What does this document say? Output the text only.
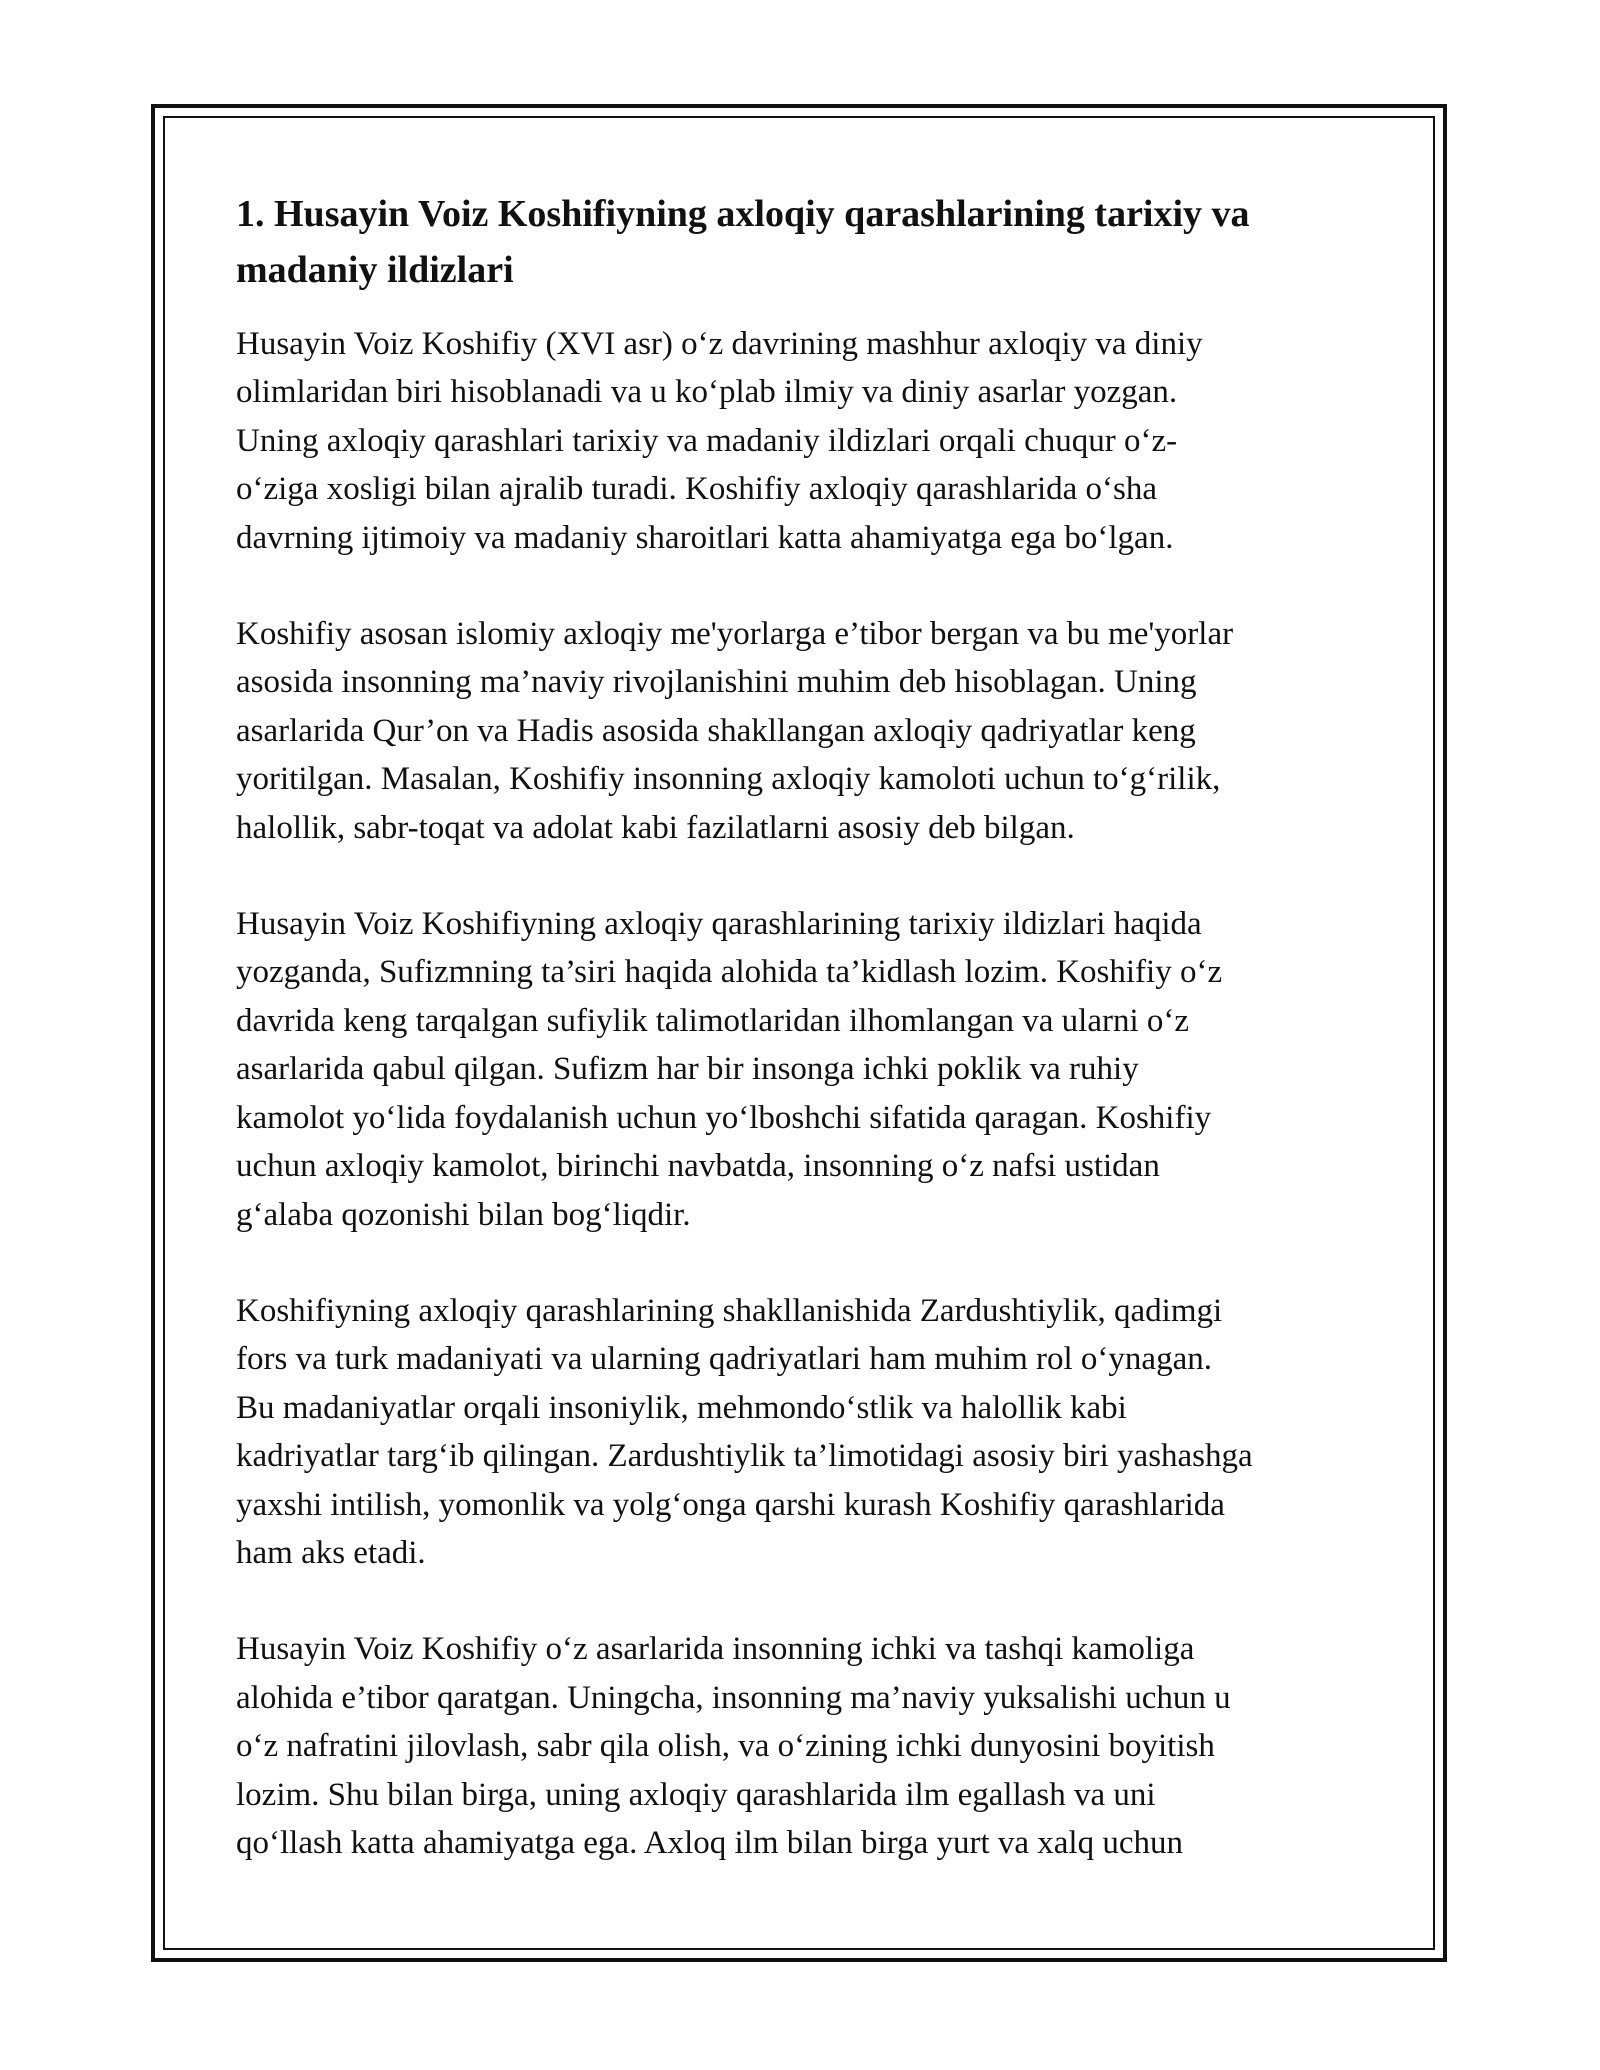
1. Husayin Voiz Koshifiyning axloqiy qarashlarining tarixiy va
madaniy ildizlari

Husayin Voiz Koshifiy (XVI asr) oʻz davrining mashhur axloqiy va diniy
olimlaridan biri hisoblanadi va u koʻplab ilmiy va diniy asarlar yozgan.
Uning axloqiy qarashlari tarixiy va madaniy ildizlari orqali chuqur oʻz-
oʻziga xosligi bilan ajralib turadi. Koshifiy axloqiy qarashlarida oʻsha
davrning ijtimoiy va madaniy sharoitlari katta ahamiyatga ega boʻlgan.

Koshifiy asosan islomiy axloqiy me'yorlarga e’tibor bergan va bu me'yorlar
asosida insonning ma’naviy rivojlanishini muhim deb hisoblagan. Uning
asarlarida Qur’on va Hadis asosida shakllangan axloqiy qadriyatlar keng
yoritilgan. Masalan, Koshifiy insonning axloqiy kamoloti uchun toʻgʻrilik,
halollik, sabr-toqat va adolat kabi fazilatlarni asosiy deb bilgan.

Husayin Voiz Koshifiyning axloqiy qarashlarining tarixiy ildizlari haqida
yozganda, Sufizmning ta’siri haqida alohida ta’kidlash lozim. Koshifiy oʻz
davrida keng tarqalgan sufiylik talimotlaridan ilhomlangan va ularni oʻz
asarlarida qabul qilgan. Sufizm har bir insonga ichki poklik va ruhiy
kamolot yoʻlida foydalanish uchun yoʻlboshchi sifatida qaragan. Koshifiy
uchun axloqiy kamolot, birinchi navbatda, insonning oʻz nafsi ustidan
gʻalaba qozonishi bilan bogʻliqdir.

Koshifiyning axloqiy qarashlarining shakllanishida Zardushtiylik, qadimgi
fors va turk madaniyati va ularning qadriyatlari ham muhim rol oʻynagan.
Bu madaniyatlar orqali insoniylik, mehmondoʻstlik va halollik kabi
kadriyatlar targʻib qilingan. Zardushtiylik ta’limotidagi asosiy biri yashashga
yaxshi intilish, yomonlik va yolgʻonga qarshi kurash Koshifiy qarashlarida
ham aks etadi.

Husayin Voiz Koshifiy oʻz asarlarida insonning ichki va tashqi kamoliga
alohida e’tibor qaratgan. Uningcha, insonning ma’naviy yuksalishi uchun u
oʻz nafratini jilovlash, sabr qila olish, va oʻzining ichki dunyosini boyitish
lozim. Shu bilan birga, uning axloqiy qarashlarida ilm egallash va uni
qoʻllash katta ahamiyatga ega. Axloq ilm bilan birga yurt va xalq uchun
